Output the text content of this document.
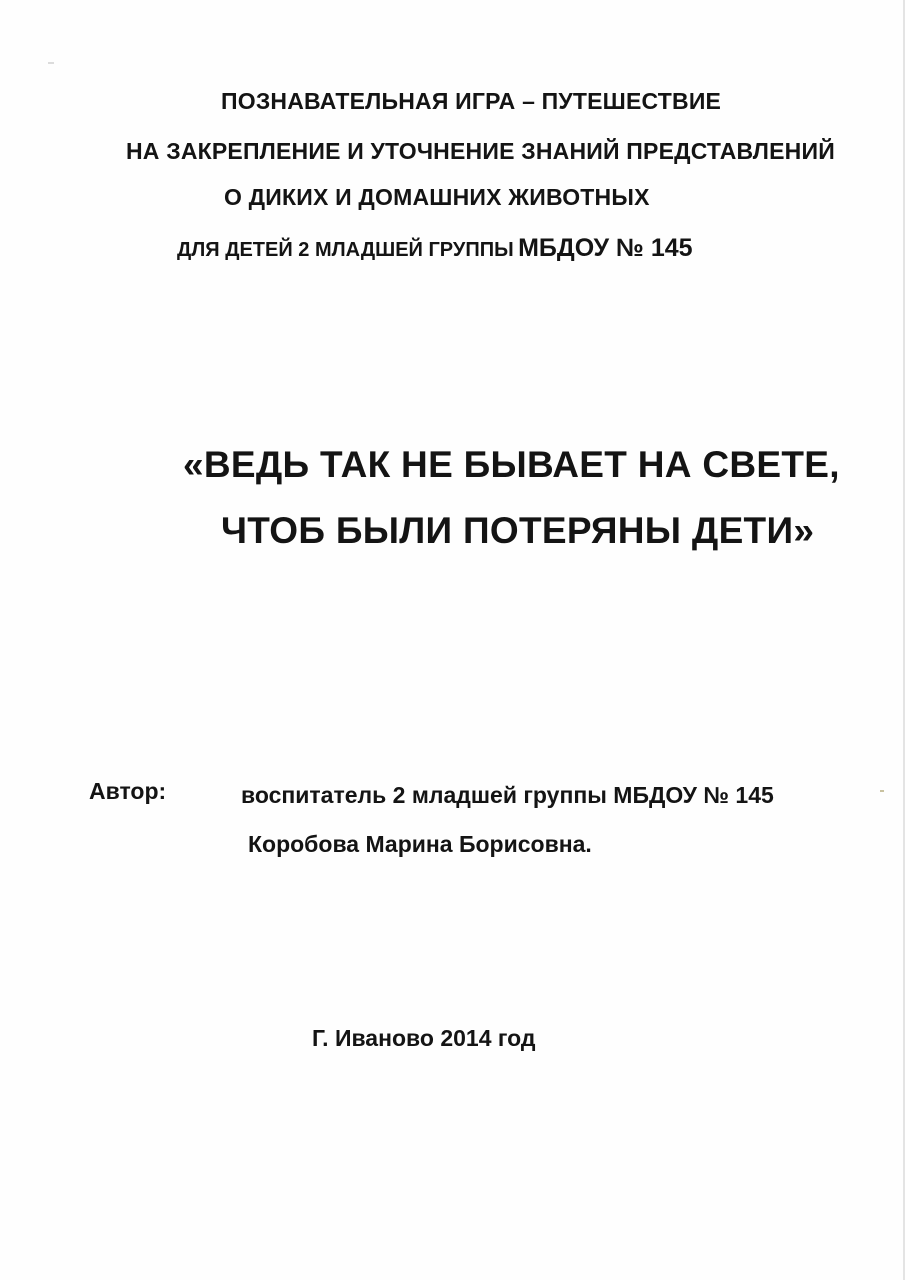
ПОЗНАВАТЕЛЬНАЯ ИГРА – ПУТЕШЕСТВИЕ
НА ЗАКРЕПЛЕНИЕ И УТОЧНЕНИЕ ЗНАНИЙ ПРЕДСТАВЛЕНИЙ
О ДИКИХ И ДОМАШНИХ ЖИВОТНЫХ
ДЛЯ ДЕТЕЙ 2 МЛАДШЕЙ ГРУППЫ МБДОУ № 145
«ВЕДЬ ТАК НЕ БЫВАЕТ НА СВЕТЕ,
ЧТОБ БЫЛИ ПОТЕРЯНЫ ДЕТИ»
Автор:	воспитатель 2 младшей группы МБДОУ № 145
Коробова Марина Борисовна.
Г. Иваново 2014 год
